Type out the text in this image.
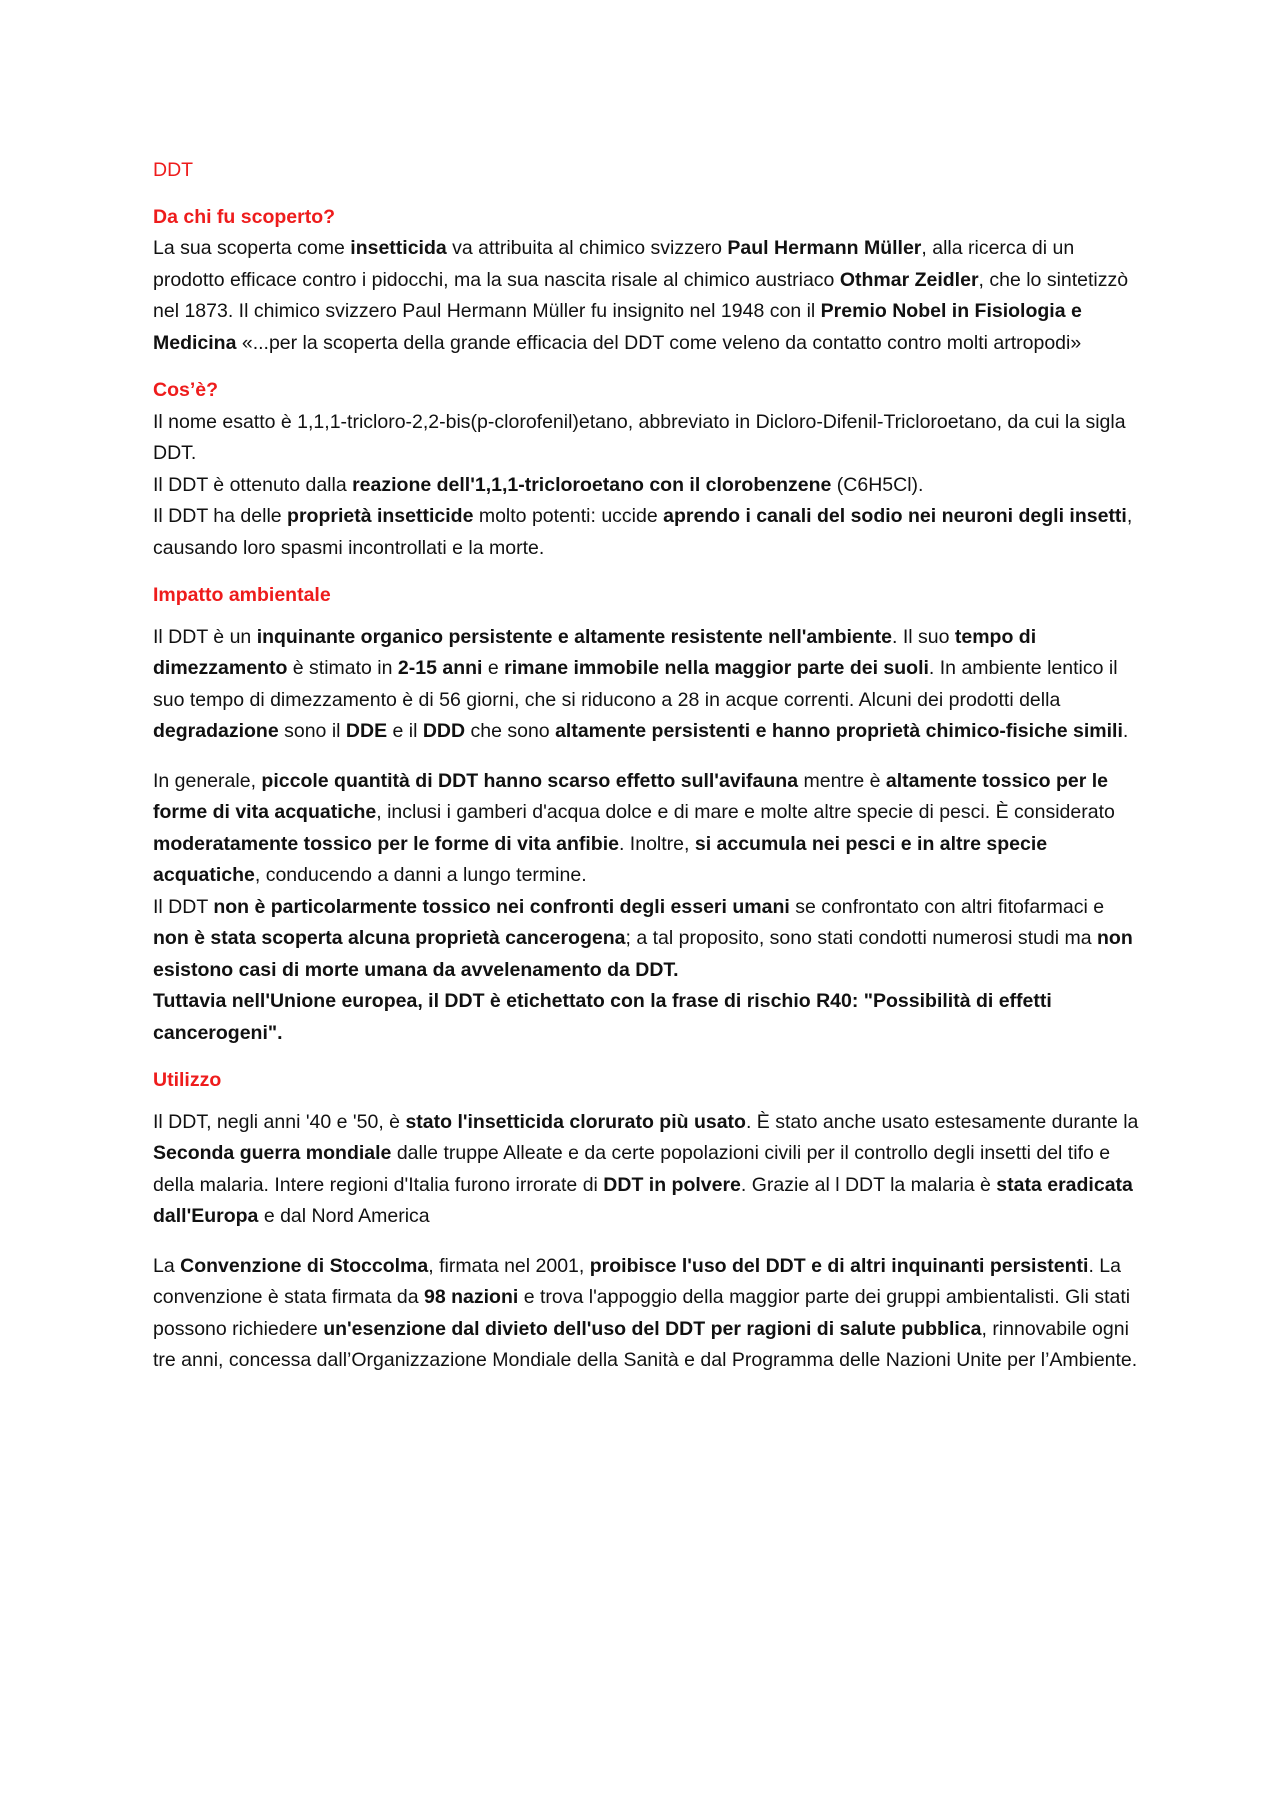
DDT
Da chi fu scoperto?
La sua scoperta come insetticida va attribuita al chimico svizzero Paul Hermann Müller, alla ricerca di un prodotto efficace contro i pidocchi, ma la sua nascita risale al chimico austriaco Othmar Zeidler, che lo sintetizzò nel 1873. Il chimico svizzero Paul Hermann Müller fu insignito nel 1948 con il Premio Nobel in Fisiologia e Medicina «...per la scoperta della grande efficacia del DDT come veleno da contatto contro molti artropodi»
Cos’è?
Il nome esatto è 1,1,1-tricloro-2,2-bis(p-clorofenil)etano, abbreviato in Dicloro-Difenil-Tricloroetano, da cui la sigla DDT.
Il DDT è ottenuto dalla reazione dell'1,1,1-tricloroetano con il clorobenzene (C6H5Cl).
Il DDT ha delle proprietà insetticide molto potenti: uccide aprendo i canali del sodio nei neuroni degli insetti, causando loro spasmi incontrollati e la morte.
Impatto ambientale
Il DDT è un inquinante organico persistente e altamente resistente nell'ambiente. Il suo tempo di dimezzamento è stimato in 2-15 anni e rimane immobile nella maggior parte dei suoli. In ambiente lentico il suo tempo di dimezzamento è di 56 giorni, che si riducono a 28 in acque correnti. Alcuni dei prodotti della degradazione sono il DDE e il DDD che sono altamente persistenti e hanno proprietà chimico-fisiche simili.
In generale, piccole quantità di DDT hanno scarso effetto sull'avifauna mentre è altamente tossico per le forme di vita acquatiche, inclusi i gamberi d'acqua dolce e di mare e molte altre specie di pesci. È considerato moderatamente tossico per le forme di vita anfibie. Inoltre, si accumula nei pesci e in altre specie acquatiche, conducendo a danni a lungo termine.
Il DDT non è particolarmente tossico nei confronti degli esseri umani se confrontato con altri fitofarmaci e non è stata scoperta alcuna proprietà cancerogena; a tal proposito, sono stati condotti numerosi studi ma non esistono casi di morte umana da avvelenamento da DDT.
Tuttavia nell'Unione europea, il DDT è etichettato con la frase di rischio R40: "Possibilità di effetti cancerogeni".
Utilizzo
Il DDT, negli anni '40 e '50, è stato l'insetticida clorurato più usato. È stato anche usato estesamente durante la Seconda guerra mondiale dalle truppe Alleate e da certe popolazioni civili per il controllo degli insetti del tifo e della malaria. Intere regioni d'Italia furono irrorate di DDT in polvere. Grazie al l DDT la malaria è stata eradicata dall'Europa e dal Nord America
La Convenzione di Stoccolma, firmata nel 2001, proibisce l'uso del DDT e di altri inquinanti persistenti. La convenzione è stata firmata da 98 nazioni e trova l'appoggio della maggior parte dei gruppi ambientalisti. Gli stati possono richiedere un'esenzione dal divieto dell'uso del DDT per ragioni di salute pubblica, rinnovabile ogni tre anni, concessa dall’Organizzazione Mondiale della Sanità e dal Programma delle Nazioni Unite per l’Ambiente.
